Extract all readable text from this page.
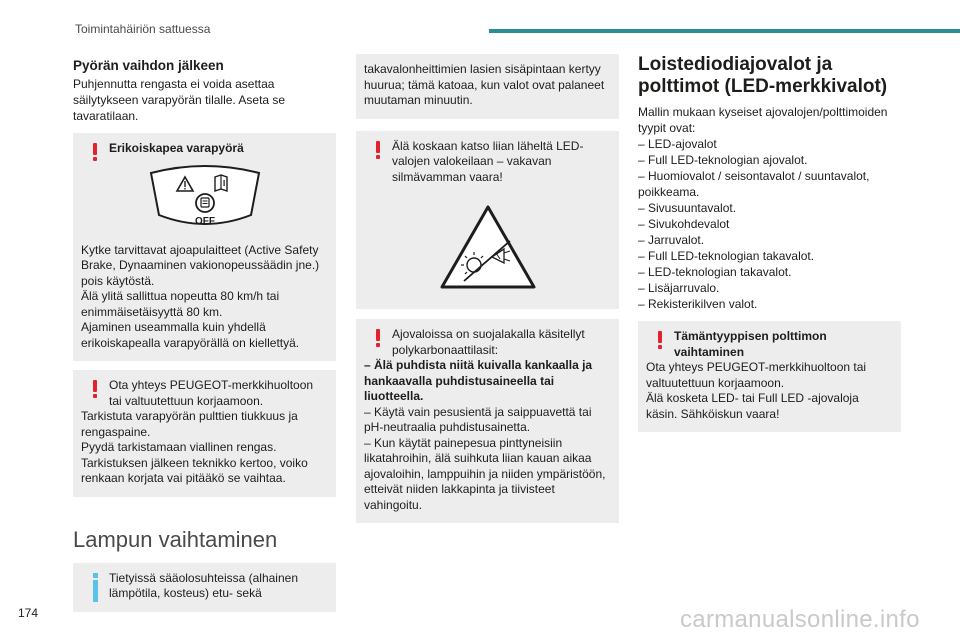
Toimintahäiriön sattuessa
Pyörän vaihdon jälkeen

Puhjennutta rengasta ei voida asettaa säilytykseen varapyörän tilalle. Aseta se tavaratilaan.

Erikoiskapea varapyörä
OFF

Kytke tarvittavat ajoapulaitteet (Active Safety Brake, Dynaaminen vakionopeussäädin jne.) pois käytöstä.

Älä ylitä sallittua nopeutta 80 km/h tai enimmäisetäisyyttä 80 km.

Ajaminen useammalla kuin yhdellä erikoiskapealla varapyörällä on kiellettyä.

Ota yhteys PEUGEOT-merkkihuoltoon tai valtuutettuun korjaamoon.

Tarkistuta varapyörän pulttien tiukkuus ja rengaspaine.

Pyydä tarkistamaan viallinen rengas.

Tarkistuksen jälkeen teknikko kertoo, voiko renkaan korjata vai pitääkö se vaihtaa.

Lampun vaihtaminen
Tietyissä sääolosuhteissa (alhainen lämpötila, kosteus) etu- sekä

takavalonheittimien lasien sisäpintaan kertyy huurua; tämä katoaa, kun valot ovat palaneet muutaman minuutin.

Älä koskaan katso liian läheltä LED-valojen valokeilaan – vakavan silmävamman vaara!
Ajovaloissa on suojalakalla käsitellyt polykarbonaattilasit:

– Älä puhdista niitä kuivalla kankaalla ja hankaavalla puhdistusaineella tai liuotteella.

– Käytä vain pesusientä ja saippuavettä tai pH-neutraalia puhdistusainetta.

– Kun käytät painepesua pinttyneisiin likatahroihin, älä suihkuta liian kauan aikaa ajovaloihin, lamppuihin ja niiden ympäristöön, etteivät niiden lakkapinta ja tiivisteet vahingoitu.

Loistediodiajovalot ja polttimot (LED-merkkivalot)

Mallin mukaan kyseiset ajovalojen/polttimoiden tyypit ovat:

– LED-ajovalot

– Full LED-teknologian ajovalot.

– Huomiovalot / seisontavalot / suuntavalot, poikkeama.

– Sivusuuntavalot.

– Sivukohdevalot

– Jarruvalot.

– Full LED-teknologian takavalot.

– LED-teknologian takavalot.

– Lisäjarruvalo.

– Rekisterikilven valot.

Tämäntyyppisen polttimon vaihtaminen

Ota yhteys PEUGEOT-merkkihuoltoon tai valtuutettuun korjaamoon.

Älä kosketa LED- tai Full LED -ajovaloja käsin. Sähköiskun vaara!

174	carmanualsonline.info
